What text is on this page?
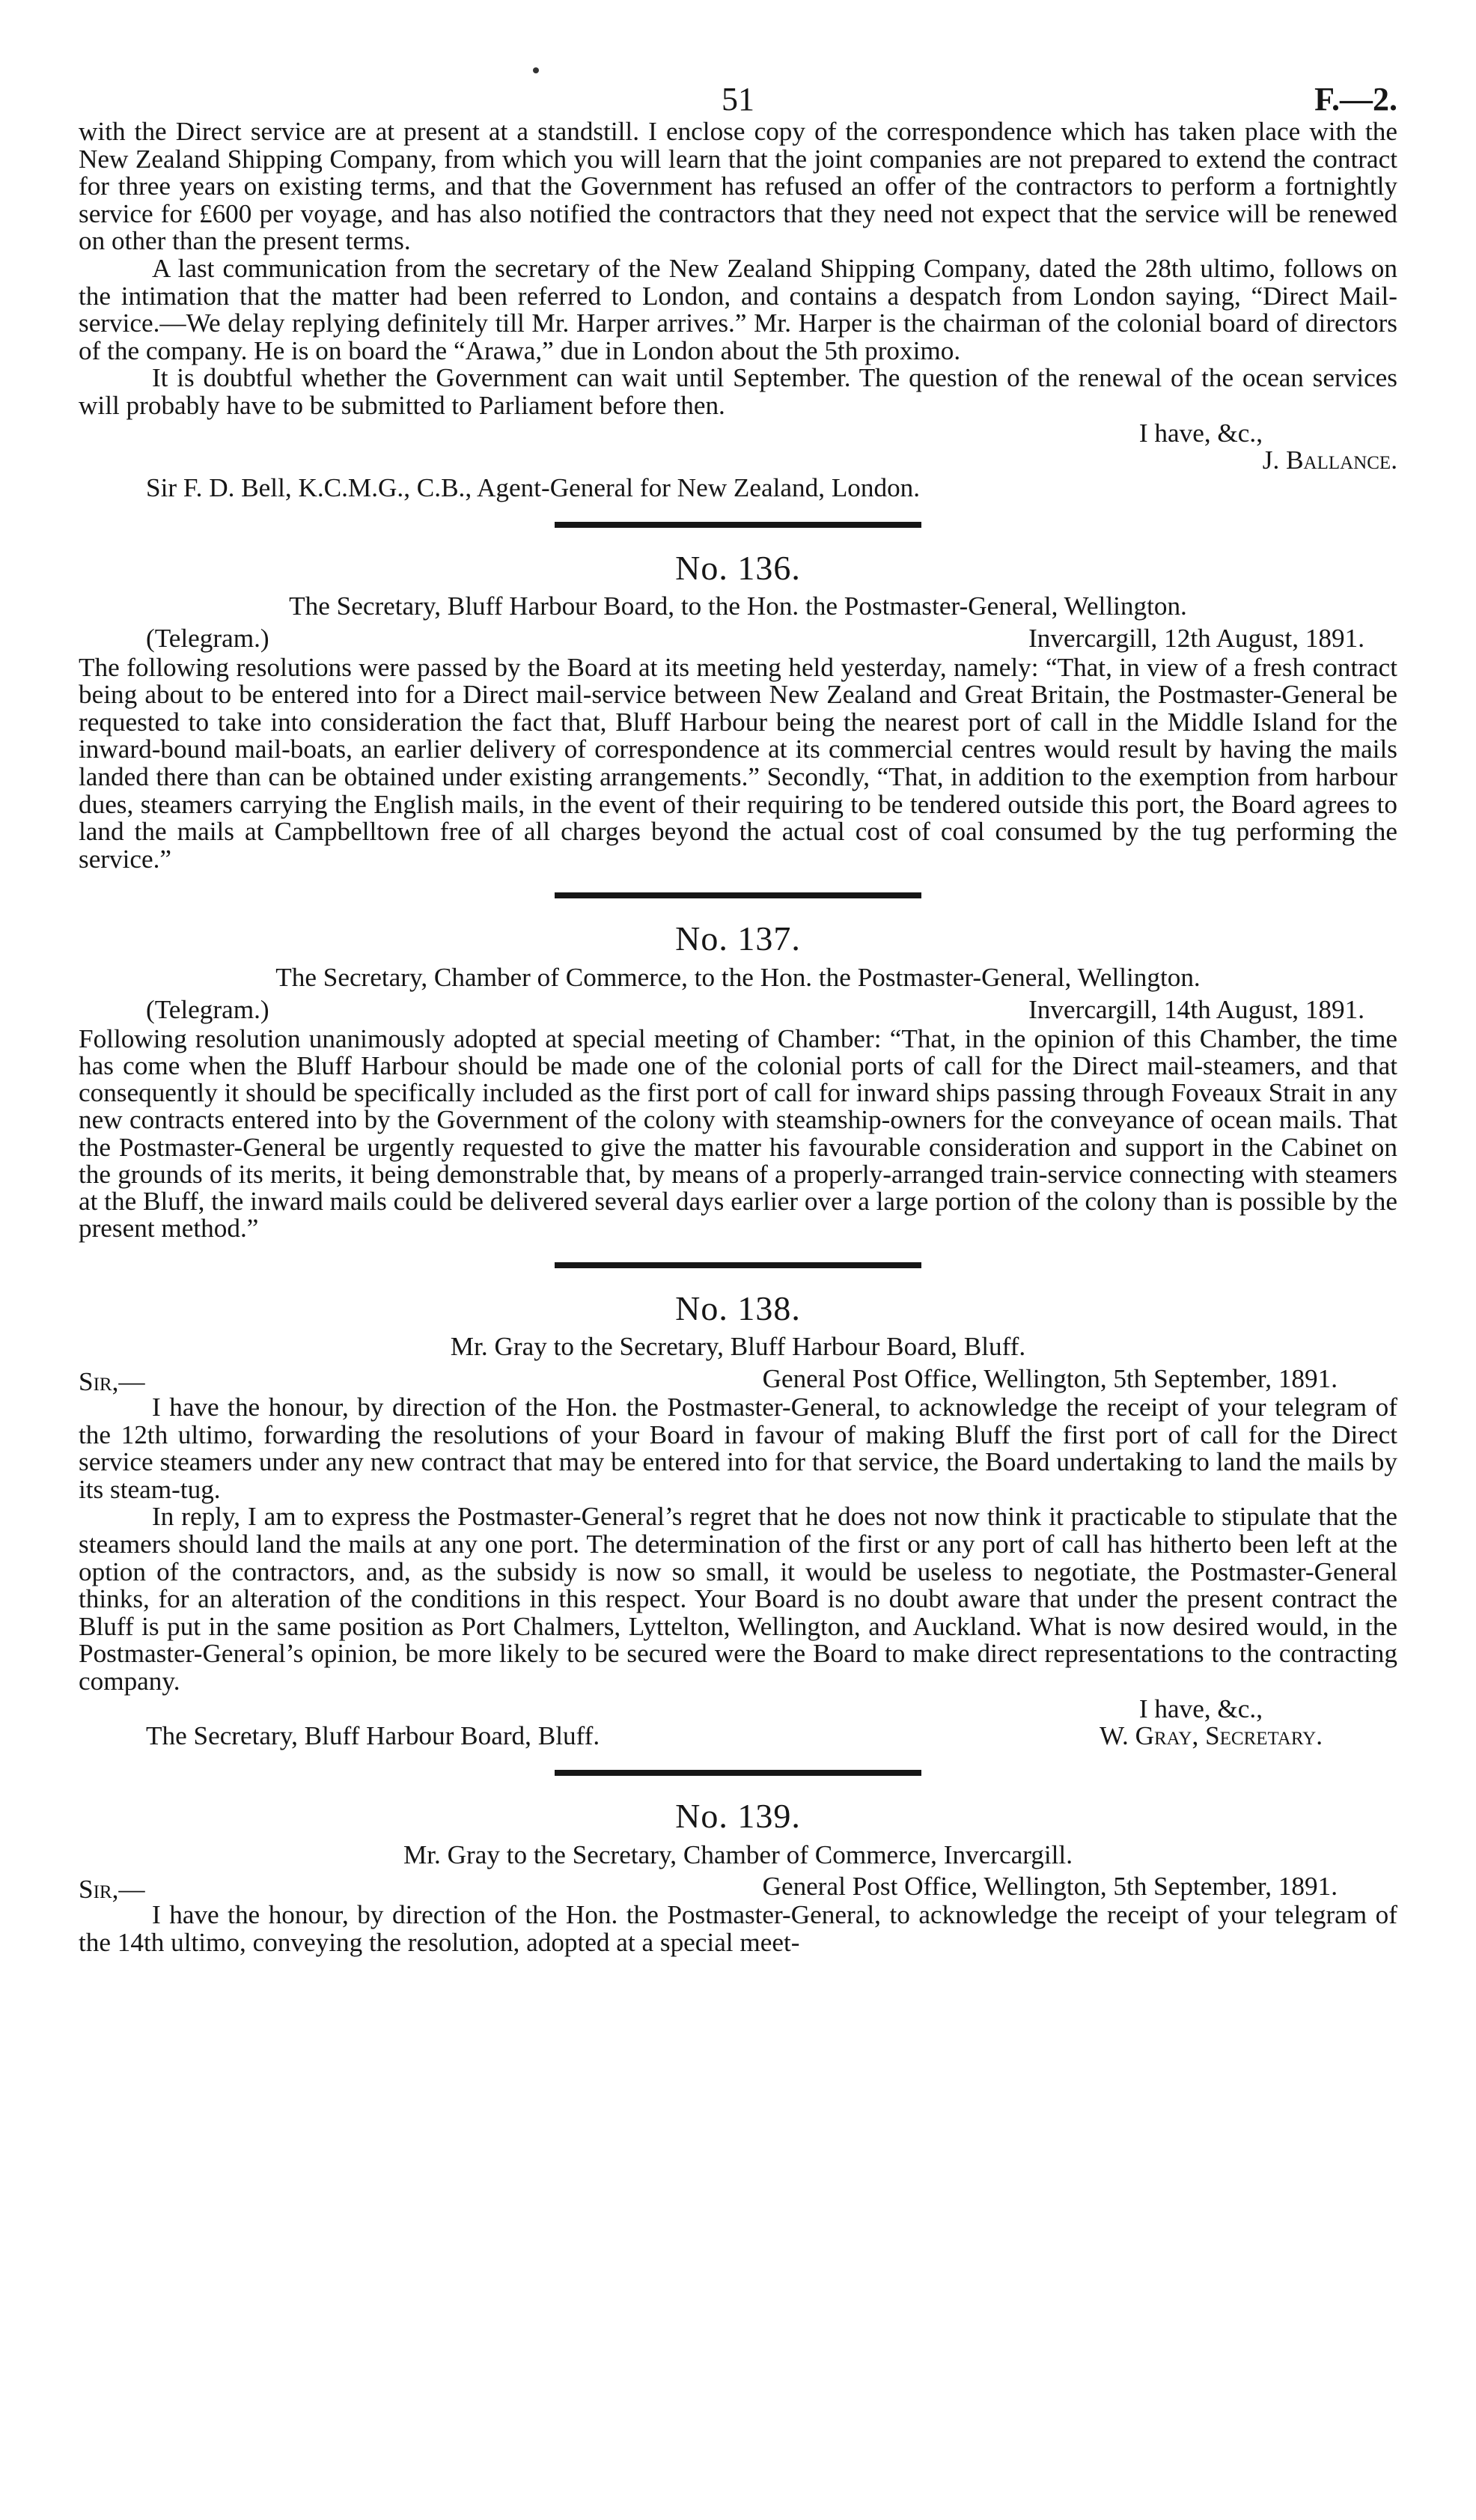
51	F.—2.

with the Direct service are at present at a standstill. I enclose copy of the correspondence which has taken place with the New Zealand Shipping Company, from which you will learn that the joint companies are not prepared to extend the contract for three years on existing terms, and that the Government has refused an offer of the contractors to perform a fortnightly service for £600 per voyage, and has also notified the contractors that they need not expect that the service will be renewed on other than the present terms.

A last communication from the secretary of the New Zealand Shipping Company, dated the 28th ultimo, follows on the intimation that the matter had been referred to London, and contains a despatch from London saying, “Direct Mail-service.—We delay replying definitely till Mr. Harper arrives.” Mr. Harper is the chairman of the colonial board of directors of the company. He is on board the “Arawa,” due in London about the 5th proximo.

It is doubtful whether the Government can wait until September. The question of the renewal of the ocean services will probably have to be submitted to Parliament before then.

I have, &c.,
J. Ballance.
Sir F. D. Bell, K.C.M.G., C.B., Agent-General for New Zealand, London.
No. 136.
The Secretary, Bluff Harbour Board, to the Hon. the Postmaster-General, Wellington.
(Telegram.)	Invercargill, 12th August, 1891.

The following resolutions were passed by the Board at its meeting held yesterday, namely: “That, in view of a fresh contract being about to be entered into for a Direct mail-service between New Zealand and Great Britain, the Postmaster-General be requested to take into consideration the fact that, Bluff Harbour being the nearest port of call in the Middle Island for the inward-bound mail-boats, an earlier delivery of correspondence at its commercial centres would result by having the mails landed there than can be obtained under existing arrangements.” Secondly, “That, in addition to the exemption from harbour dues, steamers carrying the English mails, in the event of their requiring to be tendered outside this port, the Board agrees to land the mails at Campbelltown free of all charges beyond the actual cost of coal consumed by the tug performing the service.”

No. 137.
The Secretary, Chamber of Commerce, to the Hon. the Postmaster-General, Wellington.
(Telegram.)	Invercargill, 14th August, 1891.

Following resolution unanimously adopted at special meeting of Chamber: “That, in the opinion of this Chamber, the time has come when the Bluff Harbour should be made one of the colonial ports of call for the Direct mail-steamers, and that consequently it should be specifically included as the first port of call for inward ships passing through Foveaux Strait in any new contracts entered into by the Government of the colony with steamship-owners for the conveyance of ocean mails. That the Postmaster-General be urgently requested to give the matter his favourable consideration and support in the Cabinet on the grounds of its merits, it being demonstrable that, by means of a properly-arranged train-service connecting with steamers at the Bluff, the inward mails could be delivered several days earlier over a large portion of the colony than is possible by the present method.”

No. 138.
Mr. Gray to the Secretary, Bluff Harbour Board, Bluff.
Sir,—	General Post Office, Wellington, 5th September, 1891.

I have the honour, by direction of the Hon. the Postmaster-General, to acknowledge the receipt of your telegram of the 12th ultimo, forwarding the resolutions of your Board in favour of making Bluff the first port of call for the Direct service steamers under any new contract that may be entered into for that service, the Board undertaking to land the mails by its steam-tug.

In reply, I am to express the Postmaster-General’s regret that he does not now think it practicable to stipulate that the steamers should land the mails at any one port. The determination of the first or any port of call has hitherto been left at the option of the contractors, and, as the subsidy is now so small, it would be useless to negotiate, the Postmaster-General thinks, for an alteration of the conditions in this respect. Your Board is no doubt aware that under the present contract the Bluff is put in the same position as Port Chalmers, Lyttelton, Wellington, and Auckland. What is now desired would, in the Postmaster-General’s opinion, be more likely to be secured were the Board to make direct representations to the contracting company.

I have, &c.,
The Secretary, Bluff Harbour Board, Bluff.	W. Gray, Secretary.
No. 139.
Mr. Gray to the Secretary, Chamber of Commerce, Invercargill.
Sir,—	General Post Office, Wellington, 5th September, 1891.

I have the honour, by direction of the Hon. the Postmaster-General, to acknowledge the receipt of your telegram of the 14th ultimo, conveying the resolution, adopted at a special meet-
